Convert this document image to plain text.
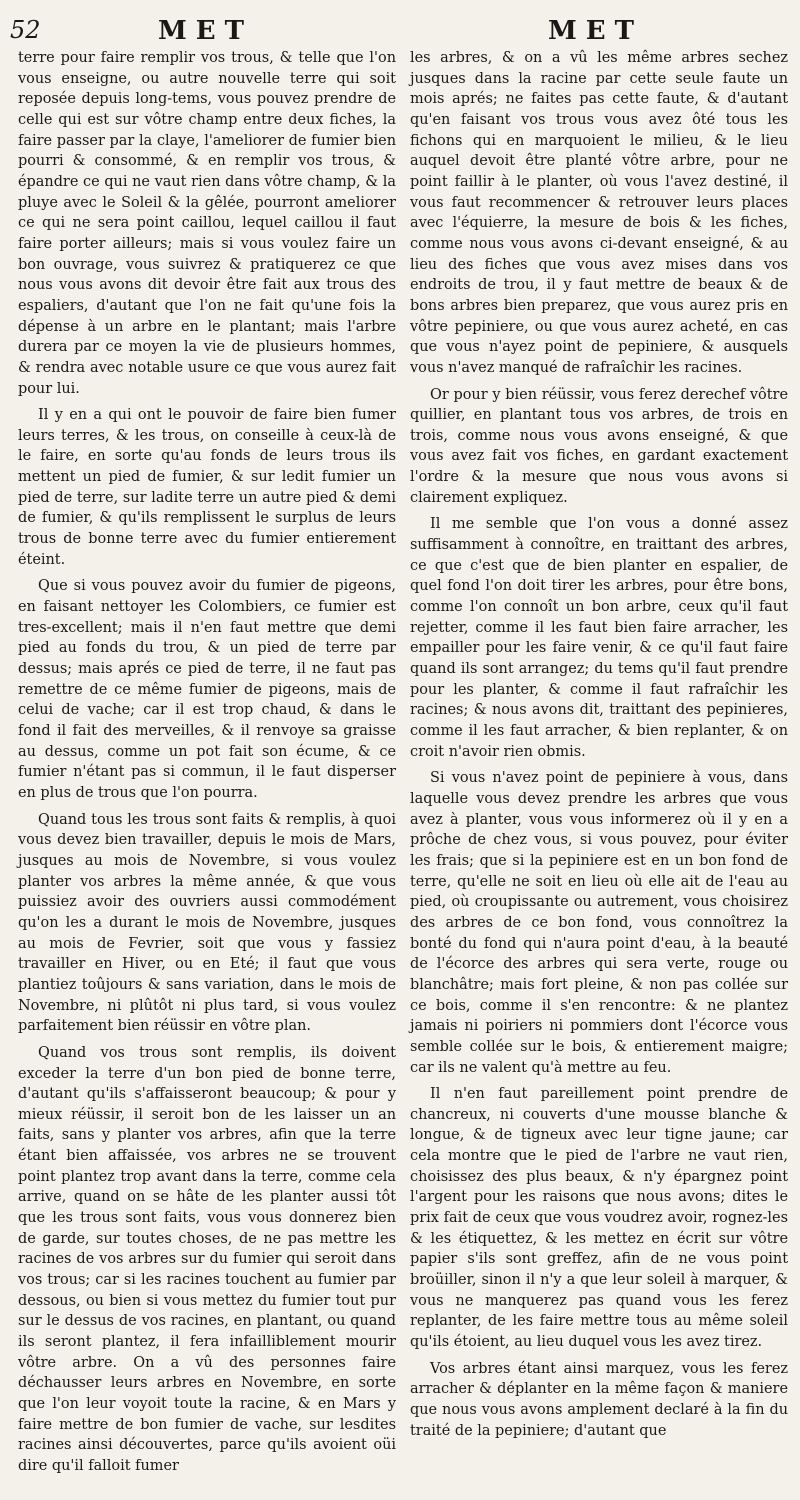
52	MET	MET

terre pour faire remplir vos trous, & telle que l'on vous enseigne, ou autre nouvelle terre qui soit reposée depuis long-tems, vous pouvez prendre de celle qui est sur vôtre champ entre deux fiches, la faire passer par la claye, l'ameliorer de fumier bien pourri & consommé, & en remplir vos trous, & épandre ce qui ne vaut rien dans vôtre champ, & la pluye avec le Soleil & la gêlée, pourront ameliorer ce qui ne sera point caillou, lequel caillou il faut faire porter ailleurs; mais si vous voulez faire un bon ouvrage, vous suivrez & pratiquerez ce que nous vous avons dit devoir être fait aux trous des espaliers, d'autant que l'on ne fait qu'une fois la dépense à un arbre en le plantant; mais l'arbre durera par ce moyen la vie de plusieurs hommes, & rendra avec notable usure ce que vous aurez fait pour lui.

Il y en a qui ont le pouvoir de faire bien fumer leurs terres, & les trous, on conseille à ceux-là de le faire, en sorte qu'au fonds de leurs trous ils mettent un pied de fumier, & sur ledit fumier un pied de terre, sur ladite terre un autre pied & demi de fumier, & qu'ils remplissent le surplus de leurs trous de bonne terre avec du fumier entierement éteint.

Que si vous pouvez avoir du fumier de pigeons, en faisant nettoyer les Colombiers, ce fumier est tres-excellent; mais il n'en faut mettre que demi pied au fonds du trou, & un pied de terre par dessus; mais aprés ce pied de terre, il ne faut pas remettre de ce même fumier de pigeons, mais de celui de vache; car il est trop chaud, & dans le fond il fait des merveilles, & il renvoye sa graisse au dessus, comme un pot fait son écume, & ce fumier n'étant pas si commun, il le faut disperser en plus de trous que l'on pourra.

Quand tous les trous sont faits & remplis, à quoi vous devez bien travailler, depuis le mois de Mars, jusques au mois de Novembre, si vous voulez planter vos arbres la même année, & que vous puissiez avoir des ouvriers aussi commodément qu'on les a durant le mois de Novembre, jusques au mois de Fevrier, soit que vous y fassiez travailler en Hiver, ou en Eté; il faut que vous plantiez toûjours & sans variation, dans le mois de Novembre, ni plûtôt ni plus tard, si vous voulez parfaitement bien réüssir en vôtre plan.

Quand vos trous sont remplis, ils doivent exceder la terre d'un bon pied de bonne terre, d'autant qu'ils s'affaisseront beaucoup; & pour y mieux réüssir, il seroit bon de les laisser un an faits, sans y planter vos arbres, afin que la terre étant bien affaissée, vos arbres ne se trouvent point plantez trop avant dans la terre, comme cela arrive, quand on se hâte de les planter aussi tôt que les trous sont faits, vous vous donnerez bien de garde, sur toutes choses, de ne pas mettre les racines de vos arbres sur du fumier qui seroit dans vos trous; car si les racines touchent au fumier par dessous, ou bien si vous mettez du fumier tout pur sur le dessus de vos racines, en plantant, ou quand ils seront plantez, il fera infailliblement mourir vôtre arbre. On a vû des personnes faire déchausser leurs arbres en Novembre, en sorte que l'on leur voyoit toute la racine, & en Mars y faire mettre de bon fumier de vache, sur lesdites racines ainsi découvertes, parce qu'ils avoient oüi dire qu'il falloit fumer

les arbres, & on a vû les même arbres sechez jusques dans la racine par cette seule faute un mois aprés; ne faites pas cette faute, & d'autant qu'en faisant vos trous vous avez ôté tous les fichons qui en marquoient le milieu, & le lieu auquel devoit être planté vôtre arbre, pour ne point faillir à le planter, où vous l'avez destiné, il vous faut recommencer & retrouver leurs places avec l'équierre, la mesure de bois & les fiches, comme nous vous avons ci-devant enseigné, & au lieu des fiches que vous avez mises dans vos endroits de trou, il y faut mettre de beaux & de bons arbres bien preparez, que vous aurez pris en vôtre pepiniere, ou que vous aurez acheté, en cas que vous n'ayez point de pepiniere, & ausquels vous n'avez manqué de rafraîchir les racines.

Or pour y bien réüssir, vous ferez derechef vôtre quillier, en plantant tous vos arbres, de trois en trois, comme nous vous avons enseigné, & que vous avez fait vos fiches, en gardant exactement l'ordre & la mesure que nous vous avons si clairement expliquez.

Il me semble que l'on vous a donné assez suffisamment à connoître, en traittant des arbres, ce que c'est que de bien planter en espalier, de quel fond l'on doit tirer les arbres, pour être bons, comme l'on connoît un bon arbre, ceux qu'il faut rejetter, comme il les faut bien faire arracher, les empailler pour les faire venir, & ce qu'il faut faire quand ils sont arrangez; du tems qu'il faut prendre pour les planter, & comme il faut rafraîchir les racines; & nous avons dit, traittant des pepinieres, comme il les faut arracher, & bien replanter, & on croit n'avoir rien obmis.

Si vous n'avez point de pepiniere à vous, dans laquelle vous devez prendre les arbres que vous avez à planter, vous vous informerez où il y en a prôche de chez vous, si vous pouvez, pour éviter les frais; que si la pepiniere est en un bon fond de terre, qu'elle ne soit en lieu où elle ait de l'eau au pied, où croupissante ou autrement, vous choisirez des arbres de ce bon fond, vous connoîtrez la bonté du fond qui n'aura point d'eau, à la beauté de l'écorce des arbres qui sera verte, rouge ou blanchâtre; mais fort pleine, & non pas collée sur ce bois, comme il s'en rencontre: & ne plantez jamais ni poiriers ni pommiers dont l'écorce vous semble collée sur le bois, & entierement maigre; car ils ne valent qu'à mettre au feu.

Il n'en faut pareillement point prendre de chancreux, ni couverts d'une mousse blanche & longue, & de tigneux avec leur tigne jaune; car cela montre que le pied de l'arbre ne vaut rien, choisissez des plus beaux, & n'y épargnez point l'argent pour les raisons que nous avons; dites le prix fait de ceux que vous voudrez avoir, rognez-les & les étiquettez, & les mettez en écrit sur vôtre papier s'ils sont greffez, afin de ne vous point broüiller, sinon il n'y a que leur soleil à marquer, & vous ne manquerez pas quand vous les ferez replanter, de les faire mettre tous au même soleil qu'ils étoient, au lieu duquel vous les avez tirez.

Vos arbres étant ainsi marquez, vous les ferez arracher & déplanter en la même façon & maniere que nous vous avons amplement declaré à la fin du traité de la pepiniere; d'autant que
